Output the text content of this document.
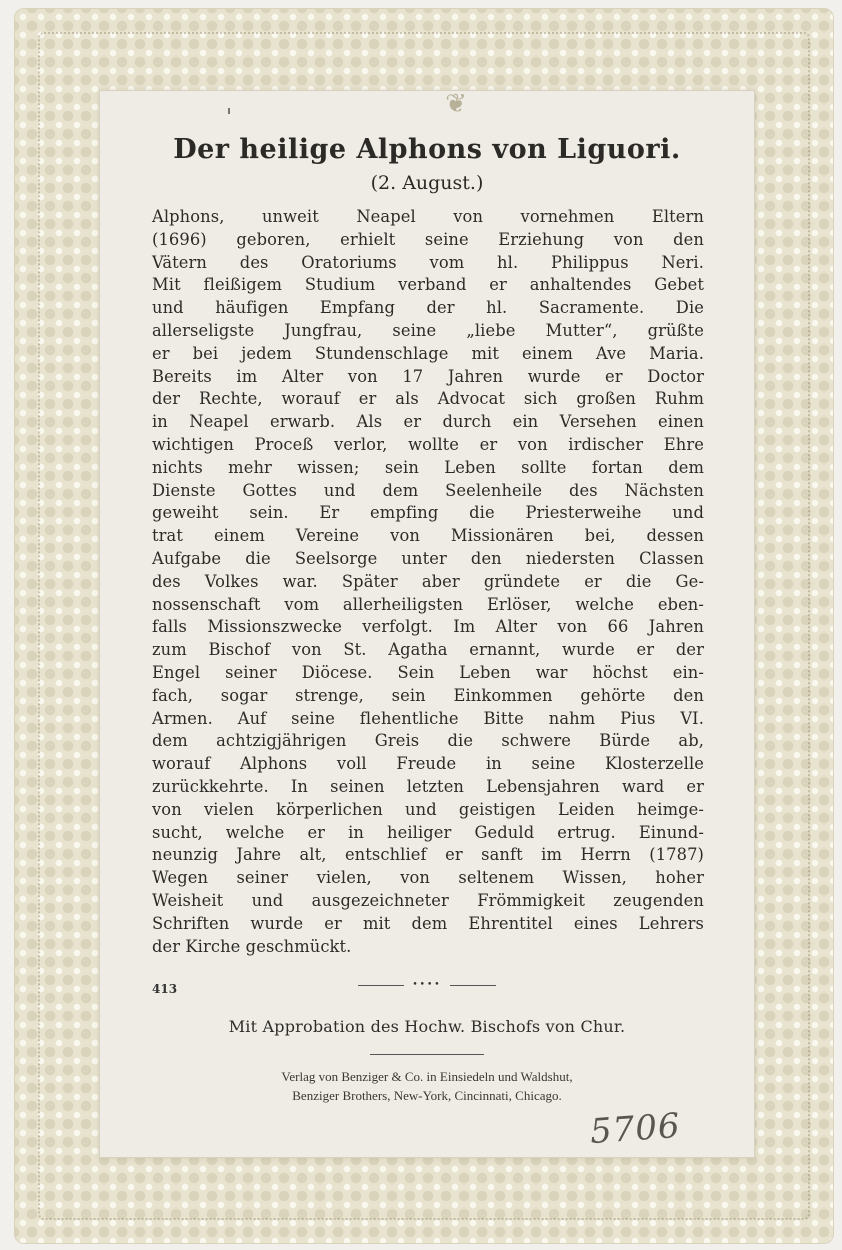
❦
Der heilige Alphons von Liguori.
(2. August.)
Alphons, unweit Neapel von vornehmen Eltern
(1696) geboren, erhielt seine Erziehung von den
Vätern des Oratoriums vom hl. Philippus Neri.
Mit fleißigem Studium verband er anhaltendes Gebet
und häufigen Empfang der hl. Sacramente. Die
allerseligste Jungfrau, seine „liebe Mutter“, grüßte
er bei jedem Stundenschlage mit einem Ave Maria.
Bereits im Alter von 17 Jahren wurde er Doctor
der Rechte, worauf er als Advocat sich großen Ruhm
in Neapel erwarb. Als er durch ein Versehen einen
wichtigen Proceß verlor, wollte er von irdischer Ehre
nichts mehr wissen; sein Leben sollte fortan dem
Dienste Gottes und dem Seelenheile des Nächsten
geweiht sein. Er empfing die Priesterweihe und
trat einem Vereine von Missionären bei, dessen
Aufgabe die Seelsorge unter den niedersten Classen
des Volkes war. Später aber gründete er die Ge-
nossenschaft vom allerheiligsten Erlöser, welche eben-
falls Missionszwecke verfolgt. Im Alter von 66 Jahren
zum Bischof von St. Agatha ernannt, wurde er der
Engel seiner Diöcese. Sein Leben war höchst ein-
fach, sogar strenge, sein Einkommen gehörte den
Armen. Auf seine flehentliche Bitte nahm Pius VI.
dem achtzigjährigen Greis die schwere Bürde ab,
worauf Alphons voll Freude in seine Klosterzelle
zurückkehrte. In seinen letzten Lebensjahren ward er
von vielen körperlichen und geistigen Leiden heimge-
sucht, welche er in heiliger Geduld ertrug. Einund-
neunzig Jahre alt, entschlief er sanft im Herrn (1787)
Wegen seiner vielen, von seltenem Wissen, hoher
Weisheit und ausgezeichneter Frömmigkeit zeugenden
Schriften wurde er mit dem Ehrentitel eines Lehrers
der Kirche geschmückt.
413	••••
Mit Approbation des Hochw. Bischofs von Chur.
Verlag von Benziger & Co. in Einsiedeln und Waldshut,
Benziger Brothers, New-York, Cincinnati, Chicago.
5706
